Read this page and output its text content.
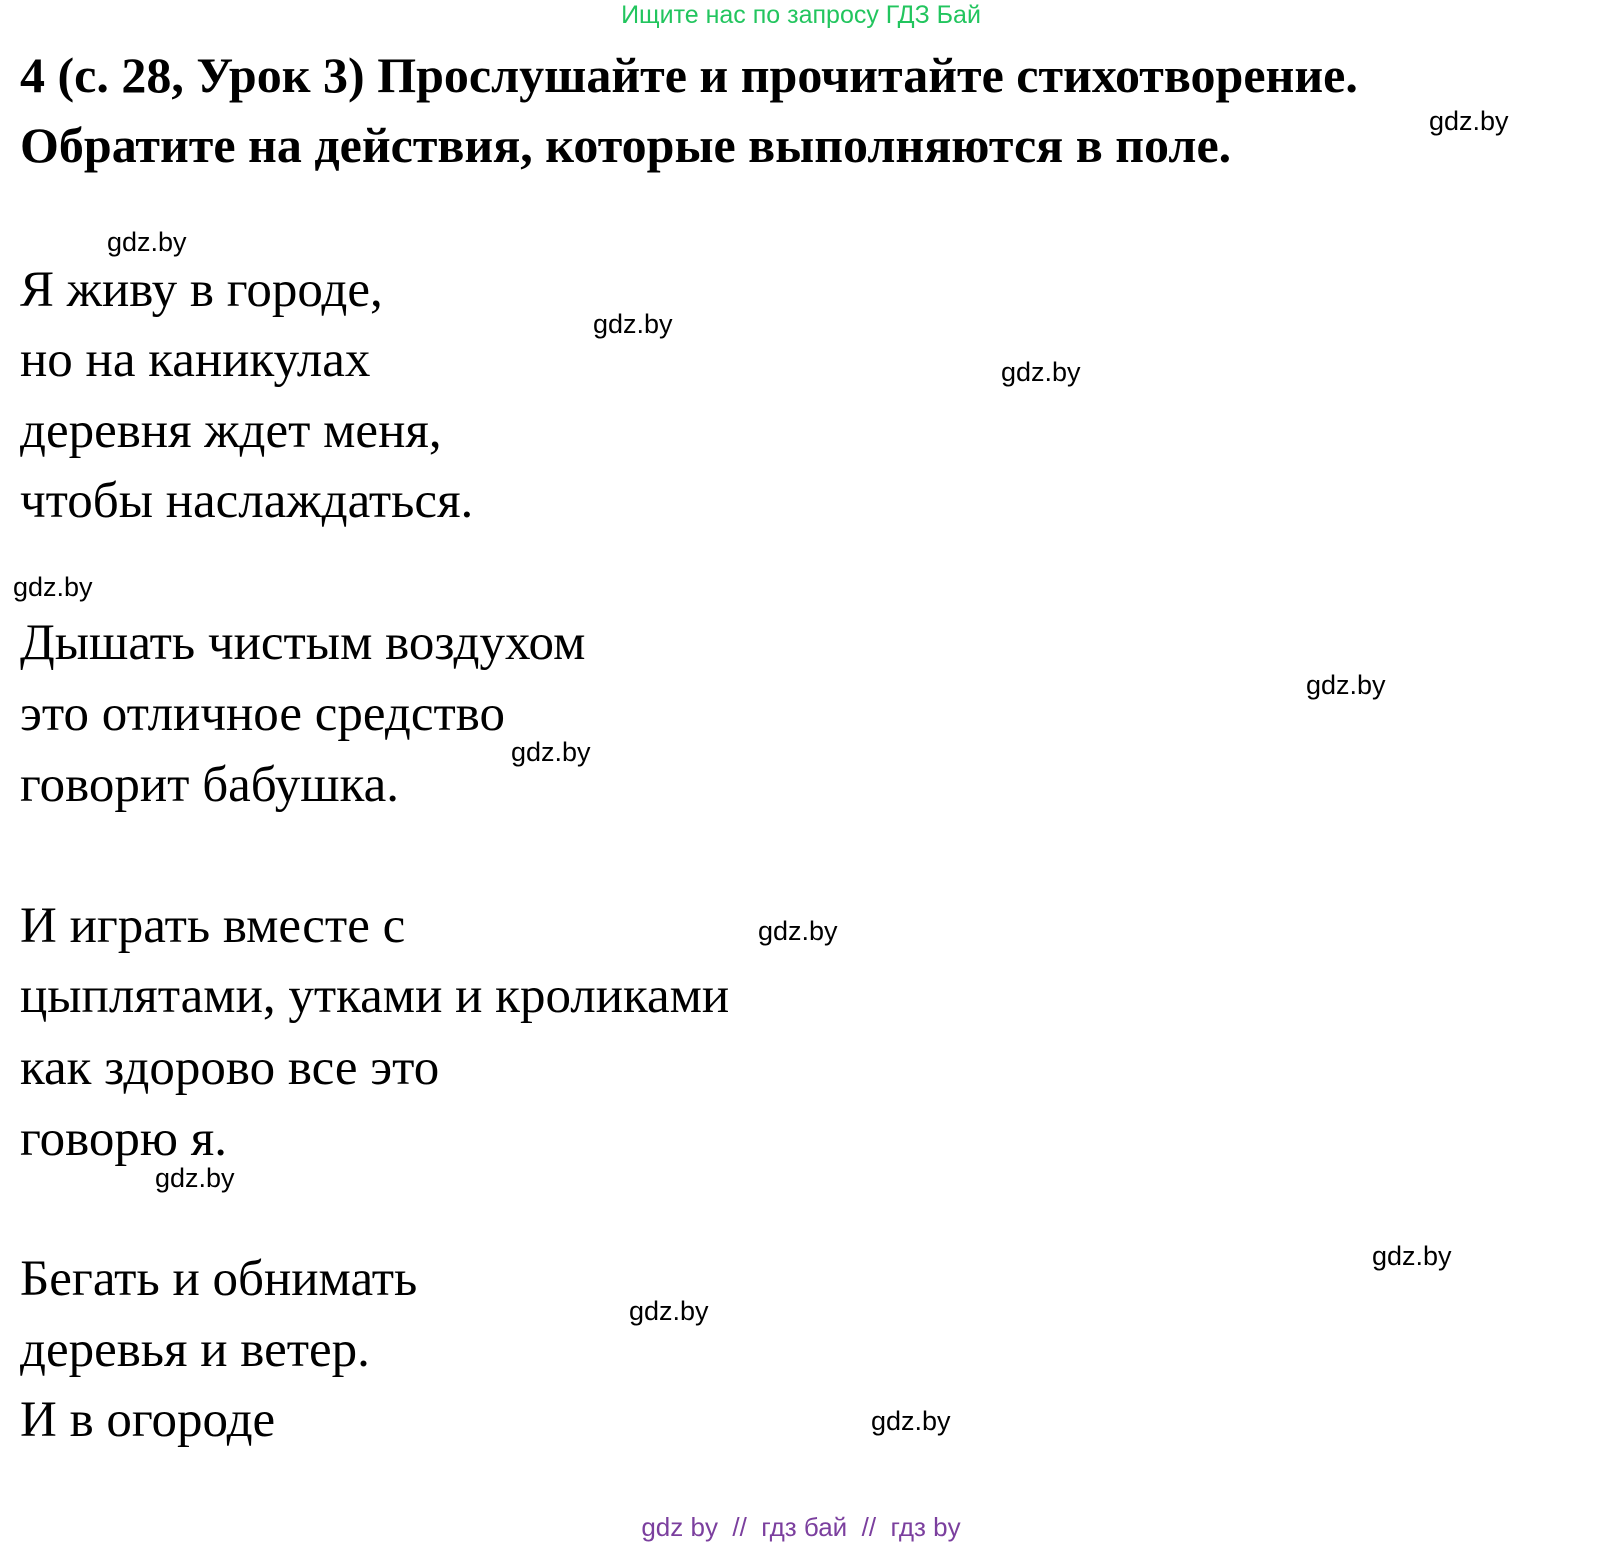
Ищите нас по запросу ГДЗ Бай
4 (с. 28, Урок 3) Прослушайте и прочитайте стихотворение.
Обратите на действия, которые выполняются в поле.
Я живу в городе,
но на каникулах
деревня ждет меня,
чтобы наслаждаться.
Дышать чистым воздухом
это отличное средство
говорит бабушка.
И играть вместе с
цыплятами, утками и кроликами
как здорово все это
говорю я.
Бегать и обнимать
деревья и ветер.
И в огороде
gdz.by
gdz.by
gdz.by
gdz.by
gdz.by
gdz.by
gdz.by
gdz.by
gdz.by
gdz.by
gdz.by
gdz.by
gdz by  //  гдз бай  //  гдз by
